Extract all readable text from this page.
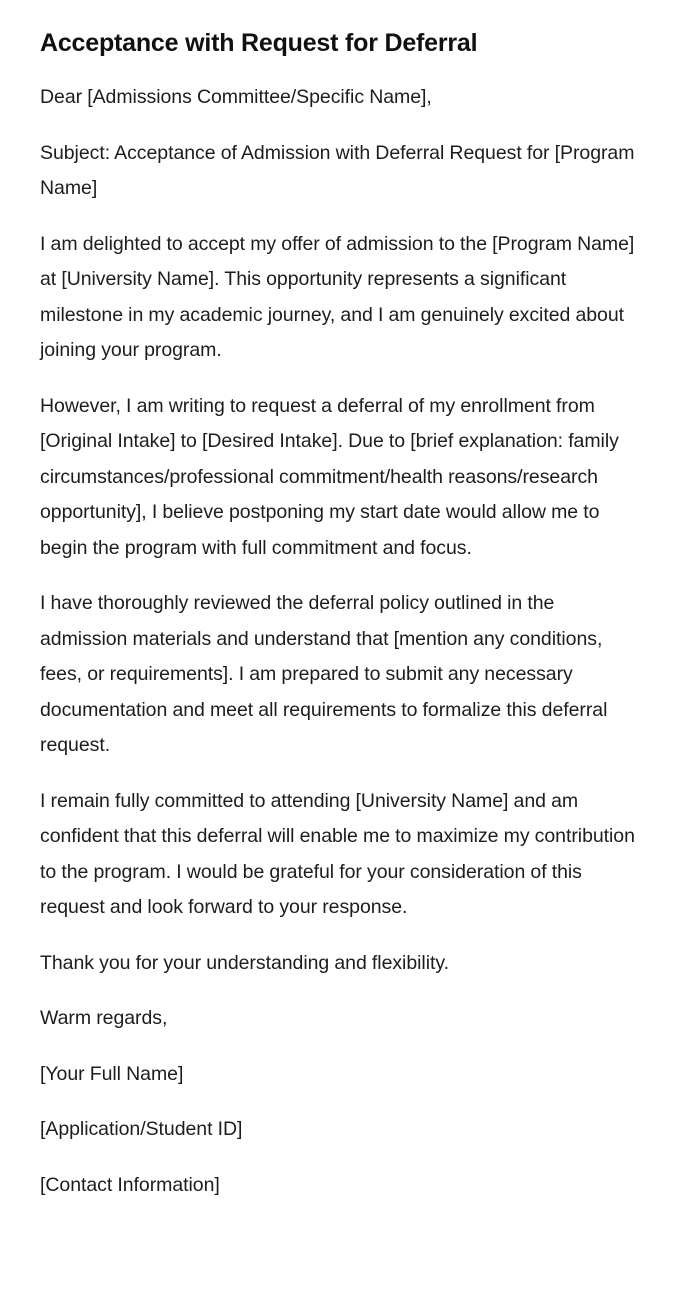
Acceptance with Request for Deferral

Dear [Admissions Committee/Specific Name],

Subject: Acceptance of Admission with Deferral Request for [Program Name]

I am delighted to accept my offer of admission to the [Program Name] at [University Name]. This opportunity represents a significant milestone in my academic journey, and I am genuinely excited about joining your program.

However, I am writing to request a deferral of my enrollment from [Original Intake] to [Desired Intake]. Due to [brief explanation: family circumstances/professional commitment/health reasons/research opportunity], I believe postponing my start date would allow me to begin the program with full commitment and focus.

I have thoroughly reviewed the deferral policy outlined in the admission materials and understand that [mention any conditions, fees, or requirements]. I am prepared to submit any necessary documentation and meet all requirements to formalize this deferral request.

I remain fully committed to attending [University Name] and am confident that this deferral will enable me to maximize my contribution to the program. I would be grateful for your consideration of this request and look forward to your response.

Thank you for your understanding and flexibility.

Warm regards,

[Your Full Name]

[Application/Student ID]

[Contact Information]
